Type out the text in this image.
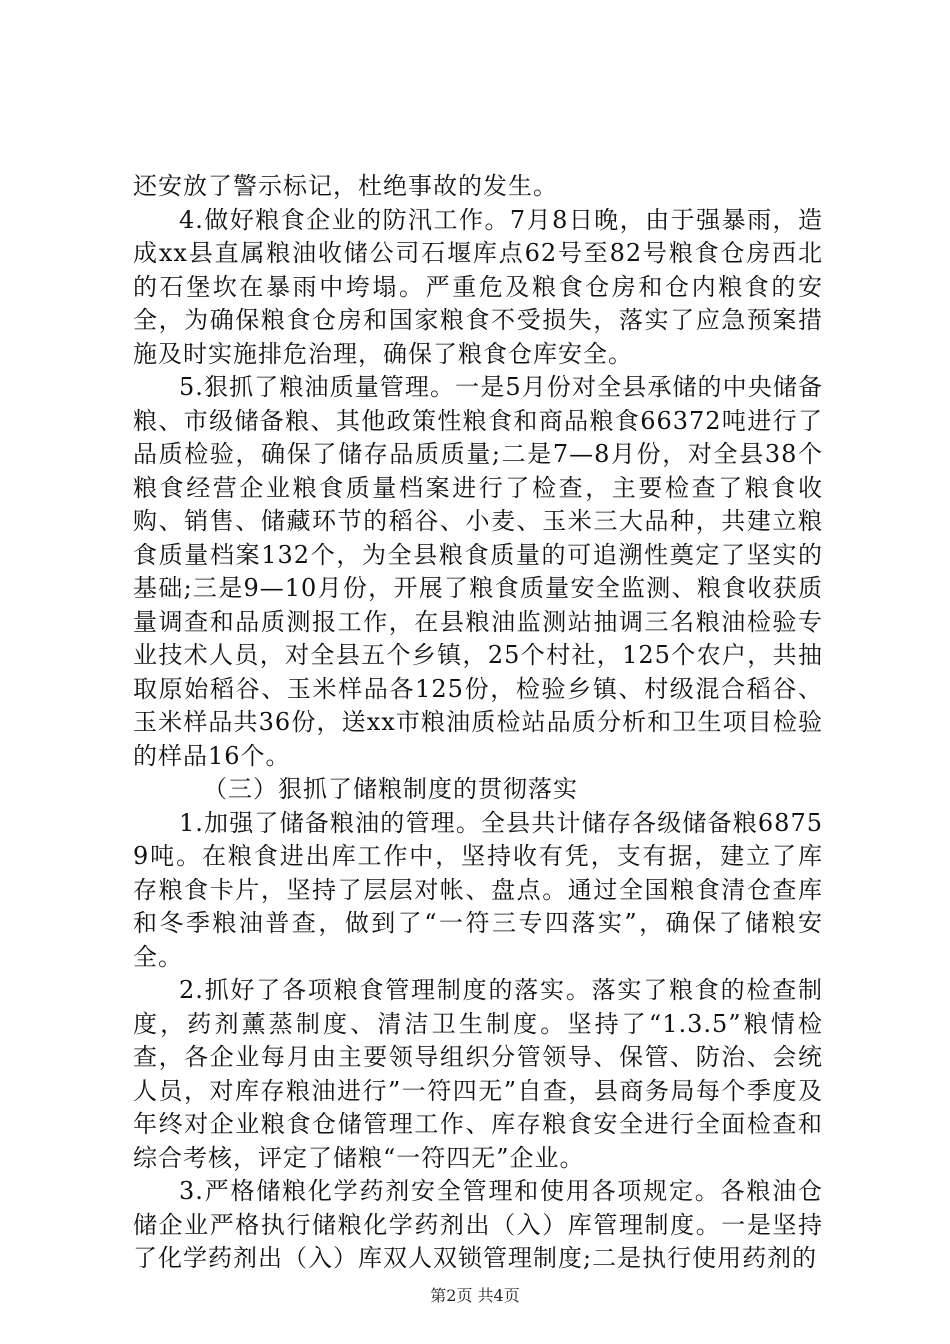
还安放了警示标记，杜绝事故的发生。

4.做好粮食企业的防汛工作。7月8日晚，由于强暴雨，造成xx县直属粮油收储公司石堰库点62号至82号粮食仓房西北的石堡坎在暴雨中垮塌。严重危及粮食仓房和仓内粮食的安全，为确保粮食仓房和国家粮食不受损失，落实了应急预案措施及时实施排危治理，确保了粮食仓库安全。

5.狠抓了粮油质量管理。一是5月份对全县承储的中央储备粮、市级储备粮、其他政策性粮食和商品粮食66372吨进行了品质检验，确保了储存品质质量;二是7—8月份，对全县38个粮食经营企业粮食质量档案进行了检查，主要检查了粮食收购、销售、储藏环节的稻谷、小麦、玉米三大品种，共建立粮食质量档案132个，为全县粮食质量的可追溯性奠定了坚实的基础;三是9—10月份，开展了粮食质量安全监测、粮食收获质量调查和品质测报工作，在县粮油监测站抽调三名粮油检验专业技术人员，对全县五个乡镇，25个村社，125个农户，共抽取原始稻谷、玉米样品各125份，检验乡镇、村级混合稻谷、玉米样品共36份，送xx市粮油质检站品质分析和卫生项目检验的样品16个。

（三）狠抓了储粮制度的贯彻落实

1.加强了储备粮油的管理。全县共计储存各级储备粮68759吨。在粮食进出库工作中，坚持收有凭，支有据，建立了库存粮食卡片，坚持了层层对帐、盘点。通过全国粮食清仓查库和冬季粮油普查，做到了“一符三专四落实”，确保了储粮安全。

2.抓好了各项粮食管理制度的落实。落实了粮食的检查制度，药剂薰蒸制度、清洁卫生制度。坚持了“1.3.5”粮情检查，各企业每月由主要领导组织分管领导、保管、防治、会统人员，对库存粮油进行”一符四无”自查，县商务局每个季度及年终对企业粮食仓储管理工作、库存粮食安全进行全面检查和综合考核，评定了储粮“一符四无”企业。

3.严格储粮化学药剂安全管理和使用各项规定。各粮油仓储企业严格执行储粮化学药剂出（入）库管理制度。一是坚持了化学药剂出（入）库双人双锁管理制度;二是执行使用药剂的

第2页 共4页
